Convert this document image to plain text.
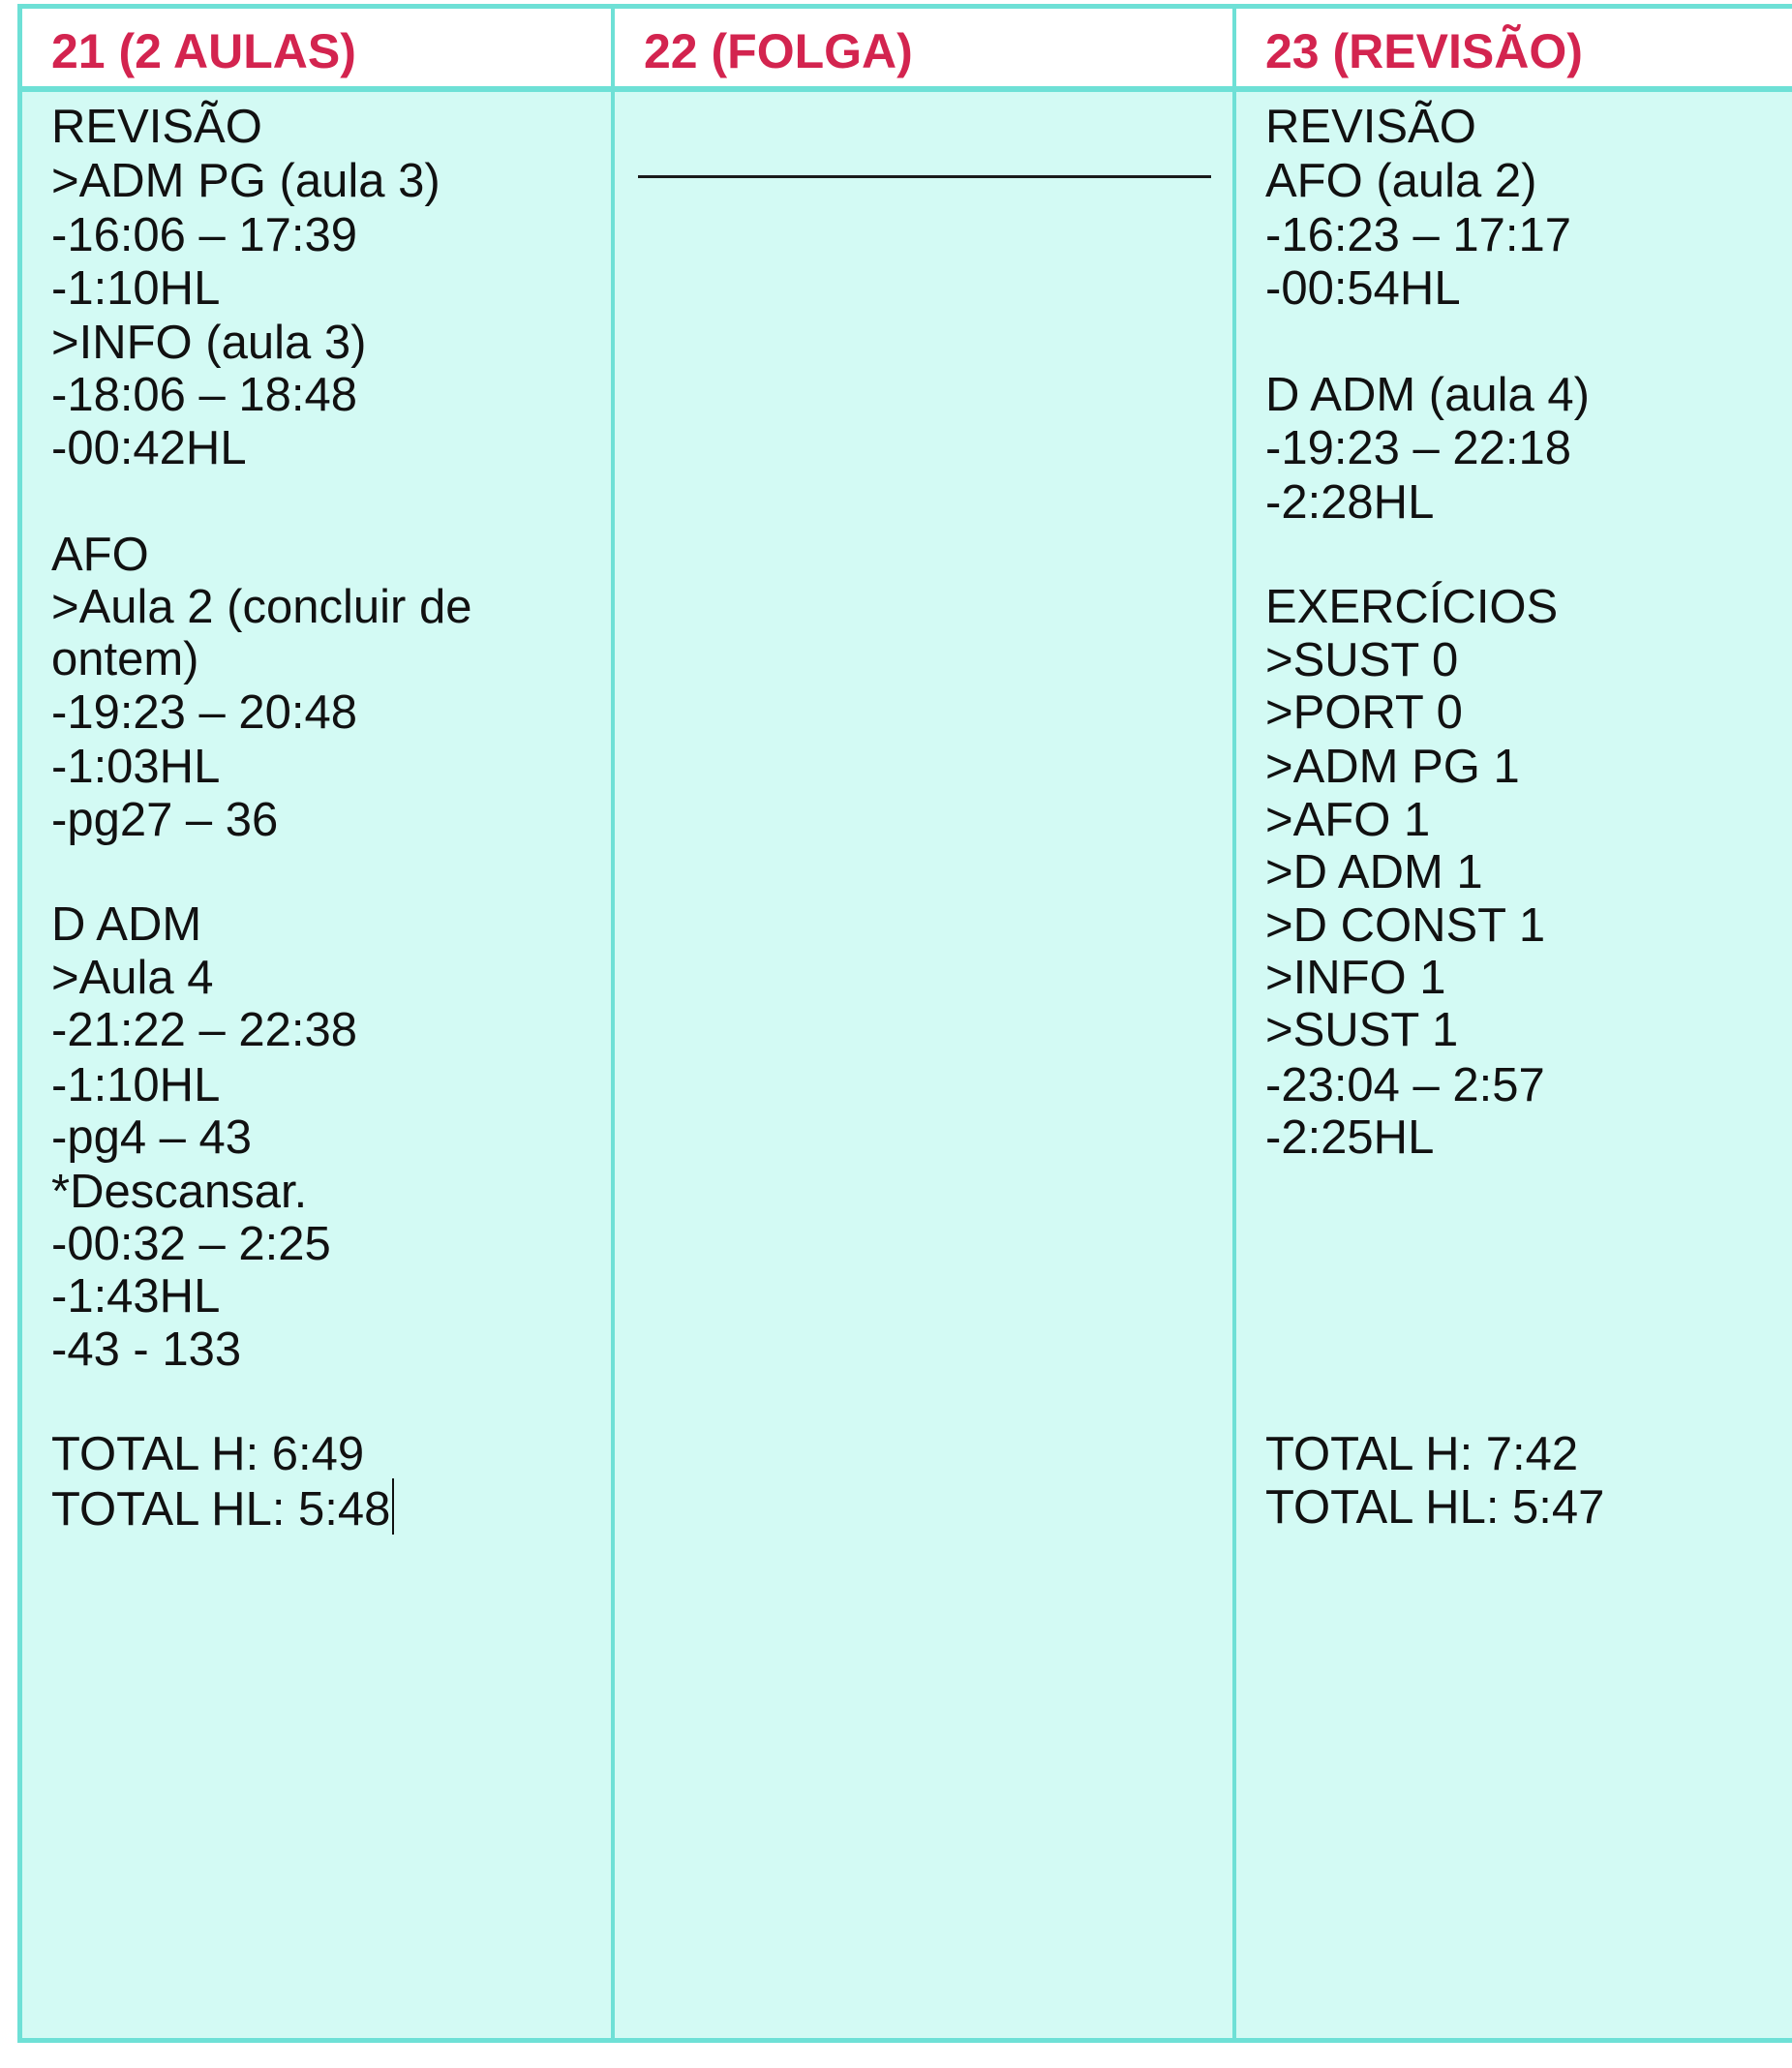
21 (2 AULAS)	22 (FOLGA)	23 (REVISÃO)
REVISÃO
>ADM PG (aula 3)
-16:06 – 17:39
-1:10HL
>INFO (aula 3)
-18:06 – 18:48
-00:42HL
AFO
>Aula 2 (concluir de
ontem)
-19:23 – 20:48
-1:03HL
-pg27 – 36
D ADM
>Aula 4
-21:22 – 22:38
-1:10HL
-pg4 – 43
*Descansar.
-00:32 – 2:25
-1:43HL
-43 - 133
TOTAL H: 6:49
TOTAL HL: 5:48
REVISÃO
AFO (aula 2)
-16:23 – 17:17
-00:54HL
D ADM (aula 4)
-19:23 – 22:18
-2:28HL
EXERCÍCIOS
>SUST 0
>PORT 0
>ADM PG 1
>AFO 1
>D ADM 1
>D CONST 1
>INFO 1
>SUST 1
-23:04 – 2:57
-2:25HL
TOTAL H: 7:42
TOTAL HL: 5:47
